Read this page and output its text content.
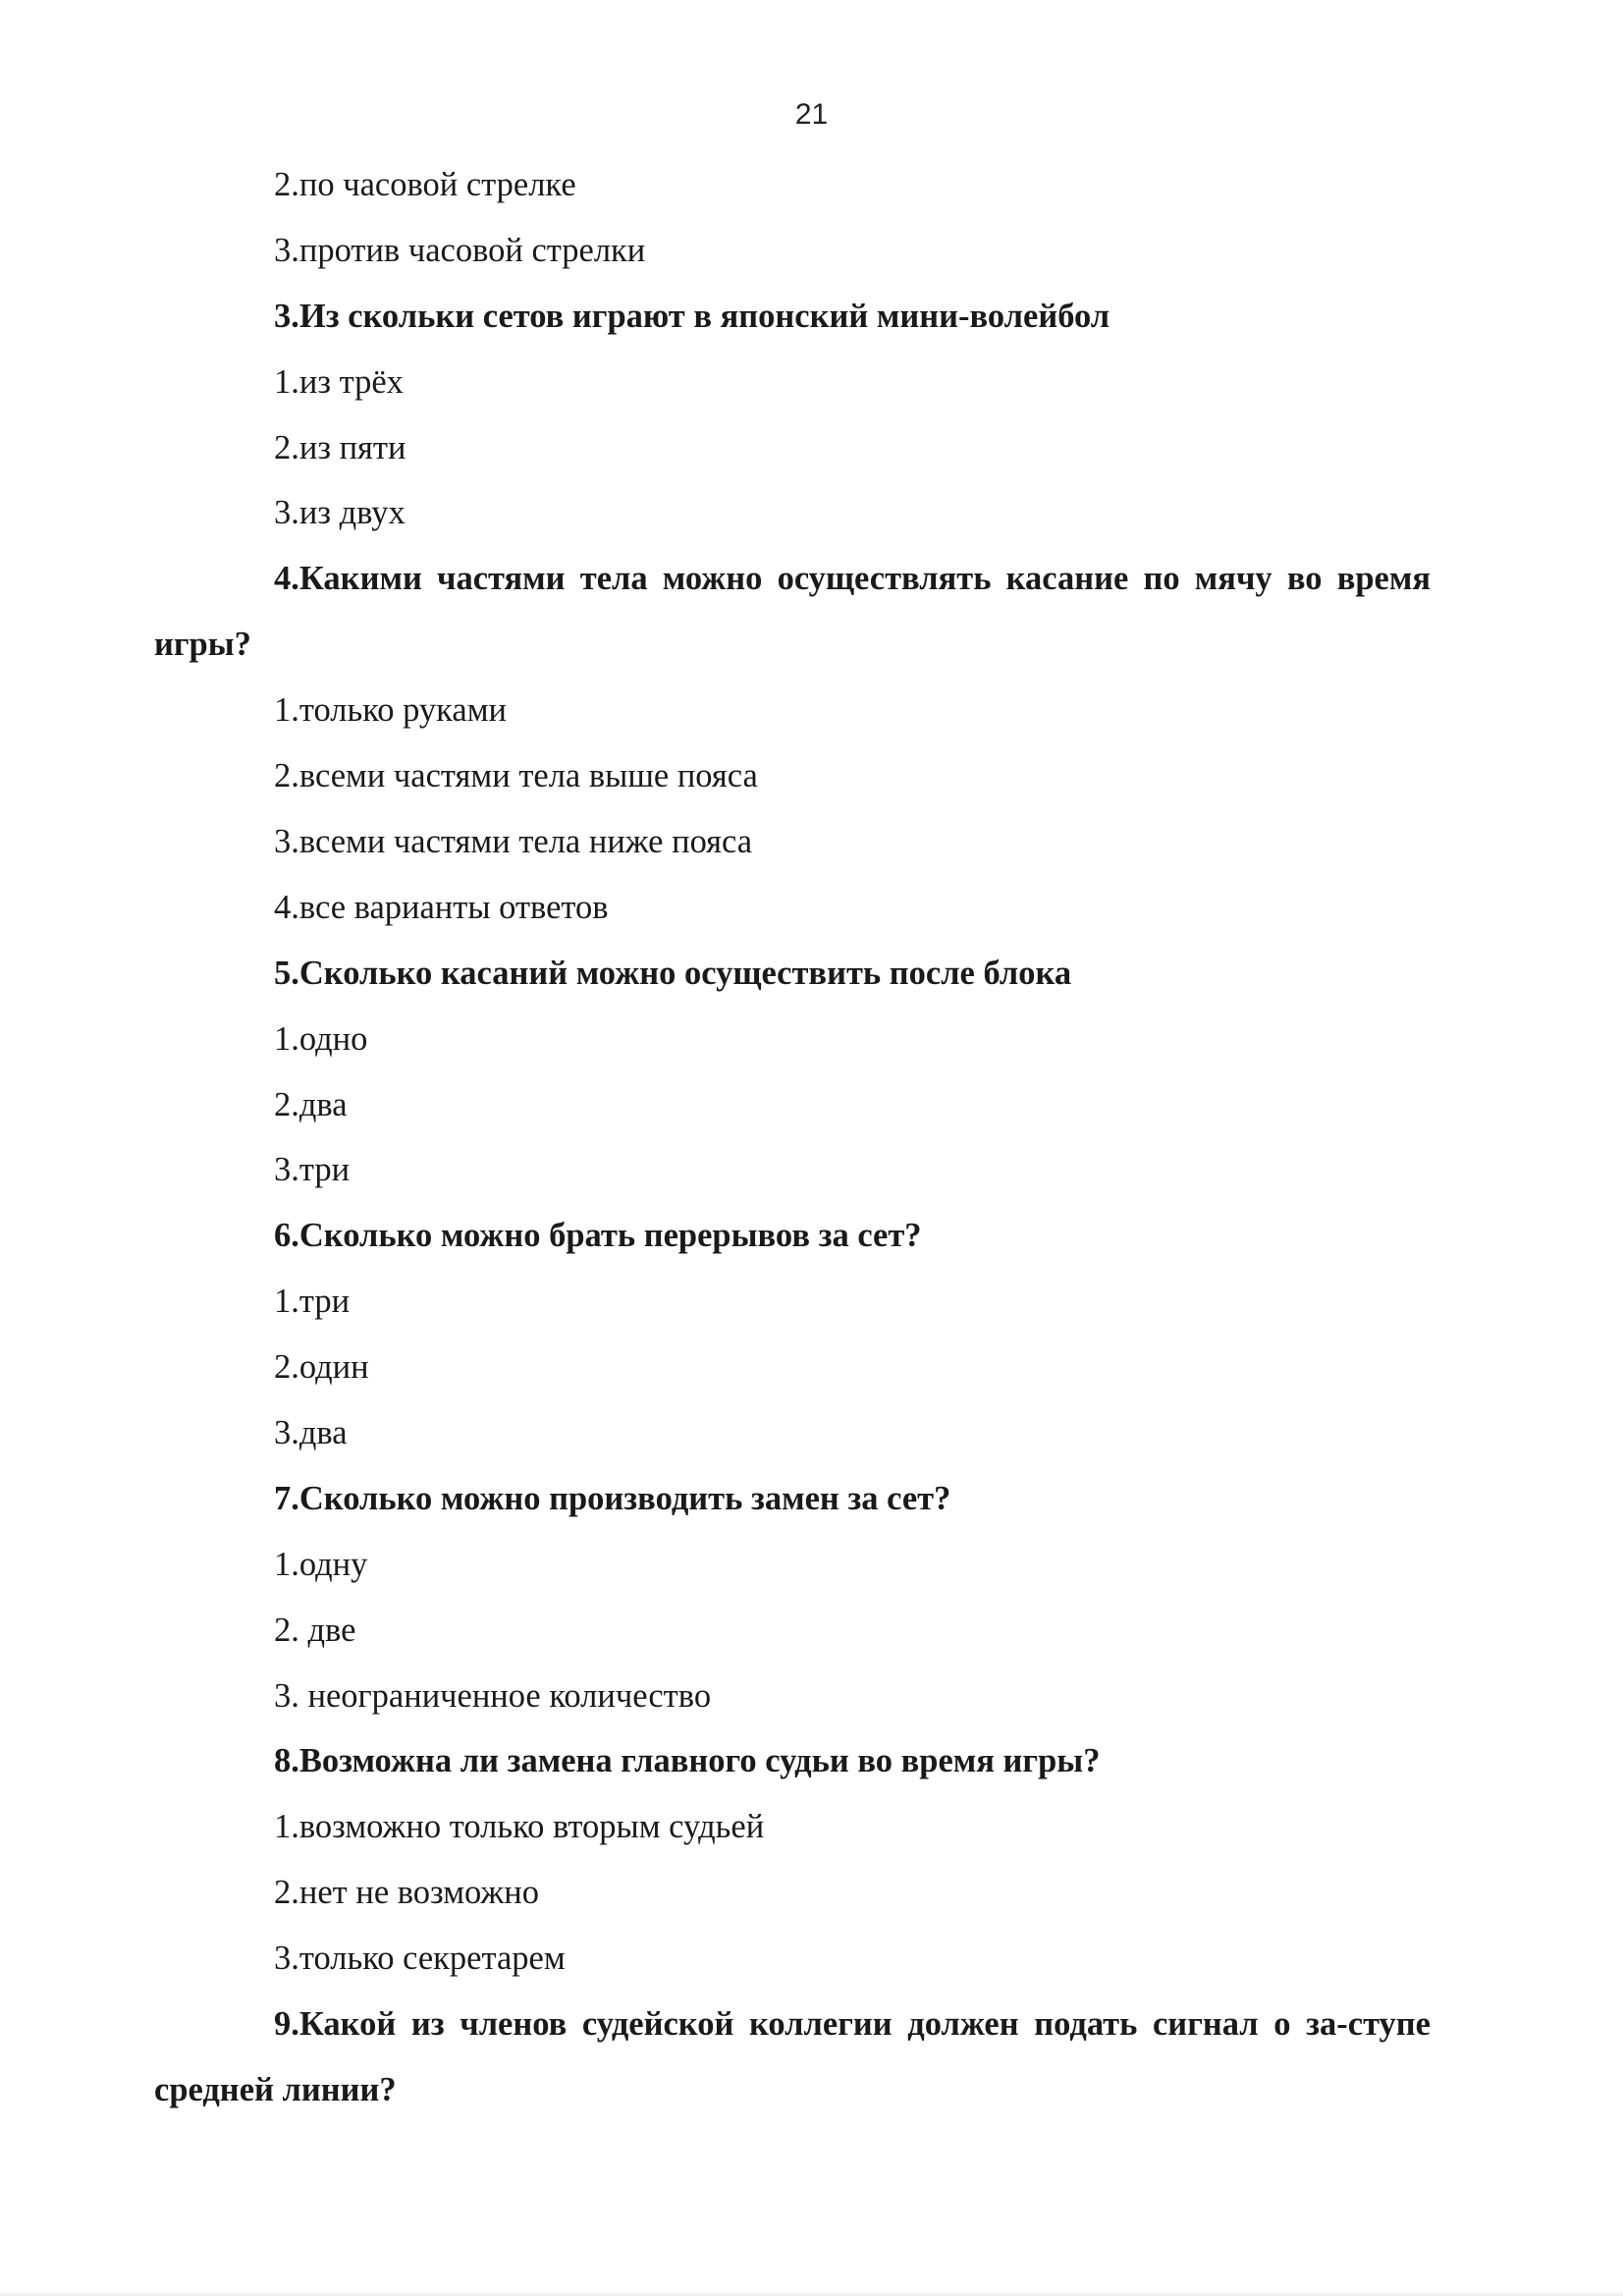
21
2.по часовой стрелке
3.против часовой стрелки
3.Из скольки сетов играют в японский мини-волейбол
1.из трёх
2.из пяти
3.из двух
4.Какими частями тела можно осуществлять касание по мячу во время игры?
1.только руками
2.всеми частями тела выше пояса
3.всеми частями тела ниже пояса
4.все варианты ответов
5.Сколько касаний можно осуществить после блока
1.одно
2.два
3.три
6.Сколько можно брать перерывов за сет?
1.три
2.один
3.два
7.Сколько можно производить замен за сет?
1.одну
2. две
3. неограниченное количество
8.Возможна ли замена главного судьи во время игры?
1.возможно только вторым судьей
2.нет не возможно
3.только секретарем
9.Какой из членов судейской коллегии должен подать сигнал о за-ступе средней линии?
